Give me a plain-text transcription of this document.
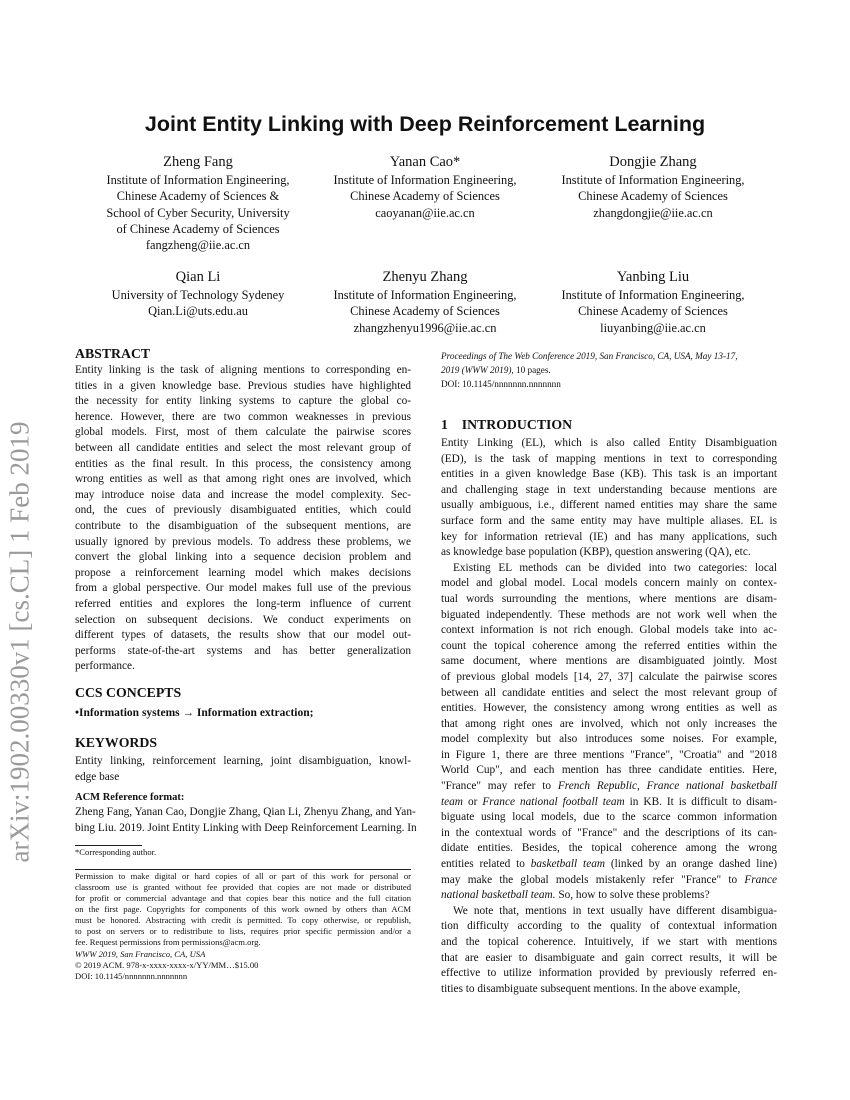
Joint Entity Linking with Deep Reinforcement Learning
arXiv:1902.00330v1 [cs.CL] 1 Feb 2019
Zheng Fang
Institute of Information Engineering,
Chinese Academy of Sciences &
School of Cyber Security, University
of Chinese Academy of Sciences
fangzheng@iie.ac.cn
Yanan Cao*
Institute of Information Engineering,
Chinese Academy of Sciences
caoyanan@iie.ac.cn
Dongjie Zhang
Institute of Information Engineering,
Chinese Academy of Sciences
zhangdongjie@iie.ac.cn
Qian Li
University of Technology Sydeney
Qian.Li@uts.edu.au
Zhenyu Zhang
Institute of Information Engineering,
Chinese Academy of Sciences
zhangzhenyu1996@iie.ac.cn
Yanbing Liu
Institute of Information Engineering,
Chinese Academy of Sciences
liuyanbing@iie.ac.cn
ABSTRACT
Entity linking is the task of aligning mentions to corresponding en-
tities in a given knowledge base. Previous studies have highlighted
the necessity for entity linking systems to capture the global co-
herence. However, there are two common weaknesses in previous
global models. First, most of them calculate the pairwise scores
between all candidate entities and select the most relevant group of
entities as the final result. In this process, the consistency among
wrong entities as well as that among right ones are involved, which
may introduce noise data and increase the model complexity. Sec-
ond, the cues of previously disambiguated entities, which could
contribute to the disambiguation of the subsequent mentions, are
usually ignored by previous models. To address these problems, we
convert the global linking into a sequence decision problem and
propose a reinforcement learning model which makes decisions
from a global perspective. Our model makes full use of the previous
referred entities and explores the long-term influence of current
selection on subsequent decisions. We conduct experiments on
different types of datasets, the results show that our model out-
performs state-of-the-art systems and has better generalization
performance.
CCS CONCEPTS
•Information systems → Information extraction;
KEYWORDS
Entity linking, reinforcement learning, joint disambiguation, knowl-
edge base
ACM Reference format:
Zheng Fang, Yanan Cao, Dongjie Zhang, Qian Li, Zhenyu Zhang, and Yan-
bing Liu. 2019. Joint Entity Linking with Deep Reinforcement Learning. In
*Corresponding author.
Permission to make digital or hard copies of all or part of this work for personal or
classroom use is granted without fee provided that copies are not made or distributed
for profit or commercial advantage and that copies bear this notice and the full citation
on the first page. Copyrights for components of this work owned by others than ACM
must be honored. Abstracting with credit is permitted. To copy otherwise, or republish,
to post on servers or to redistribute to lists, requires prior specific permission and/or a
fee. Request permissions from permissions@acm.org.
WWW 2019, San Francisco, CA, USA
© 2019 ACM. 978-x-xxxx-xxxx-x/YY/MM…$15.00
DOI: 10.1145/nnnnnnn.nnnnnnn
Proceedings of The Web Conference 2019, San Francisco, CA, USA, May 13-17,
2019 (WWW 2019), 10 pages.
DOI: 10.1145/nnnnnnn.nnnnnnn
1    INTRODUCTION
Entity Linking (EL), which is also called Entity Disambiguation
(ED), is the task of mapping mentions in text to corresponding
entities in a given knowledge Base (KB). This task is an important
and challenging stage in text understanding because mentions are
usually ambiguous, i.e., different named entities may share the same
surface form and the same entity may have multiple aliases. EL is
key for information retrieval (IE) and has many applications, such
as knowledge base population (KBP), question answering (QA), etc.
Existing EL methods can be divided into two categories: local
model and global model. Local models concern mainly on contex-
tual words surrounding the mentions, where mentions are disam-
biguated independently. These methods are not work well when the
context information is not rich enough. Global models take into ac-
count the topical coherence among the referred entities within the
same document, where mentions are disambiguated jointly. Most
of previous global models [14, 27, 37] calculate the pairwise scores
between all candidate entities and select the most relevant group of
entities. However, the consistency among wrong entities as well as
that among right ones are involved, which not only increases the
model complexity but also introduces some noises. For example,
in Figure 1, there are three mentions "France", "Croatia" and "2018
World Cup", and each mention has three candidate entities. Here,
"France" may refer to French Republic, France national basketball
team or France national football team in KB. It is difficult to disam-
biguate using local models, due to the scarce common information
in the contextual words of "France" and the descriptions of its can-
didate entities. Besides, the topical coherence among the wrong
entities related to basketball team (linked by an orange dashed line)
may make the global models mistakenly refer "France" to France
national basketball team. So, how to solve these problems?
We note that, mentions in text usually have different disambigua-
tion difficulty according to the quality of contextual information
and the topical coherence. Intuitively, if we start with mentions
that are easier to disambiguate and gain correct results, it will be
effective to utilize information provided by previously referred en-
tities to disambiguate subsequent mentions. In the above example,
